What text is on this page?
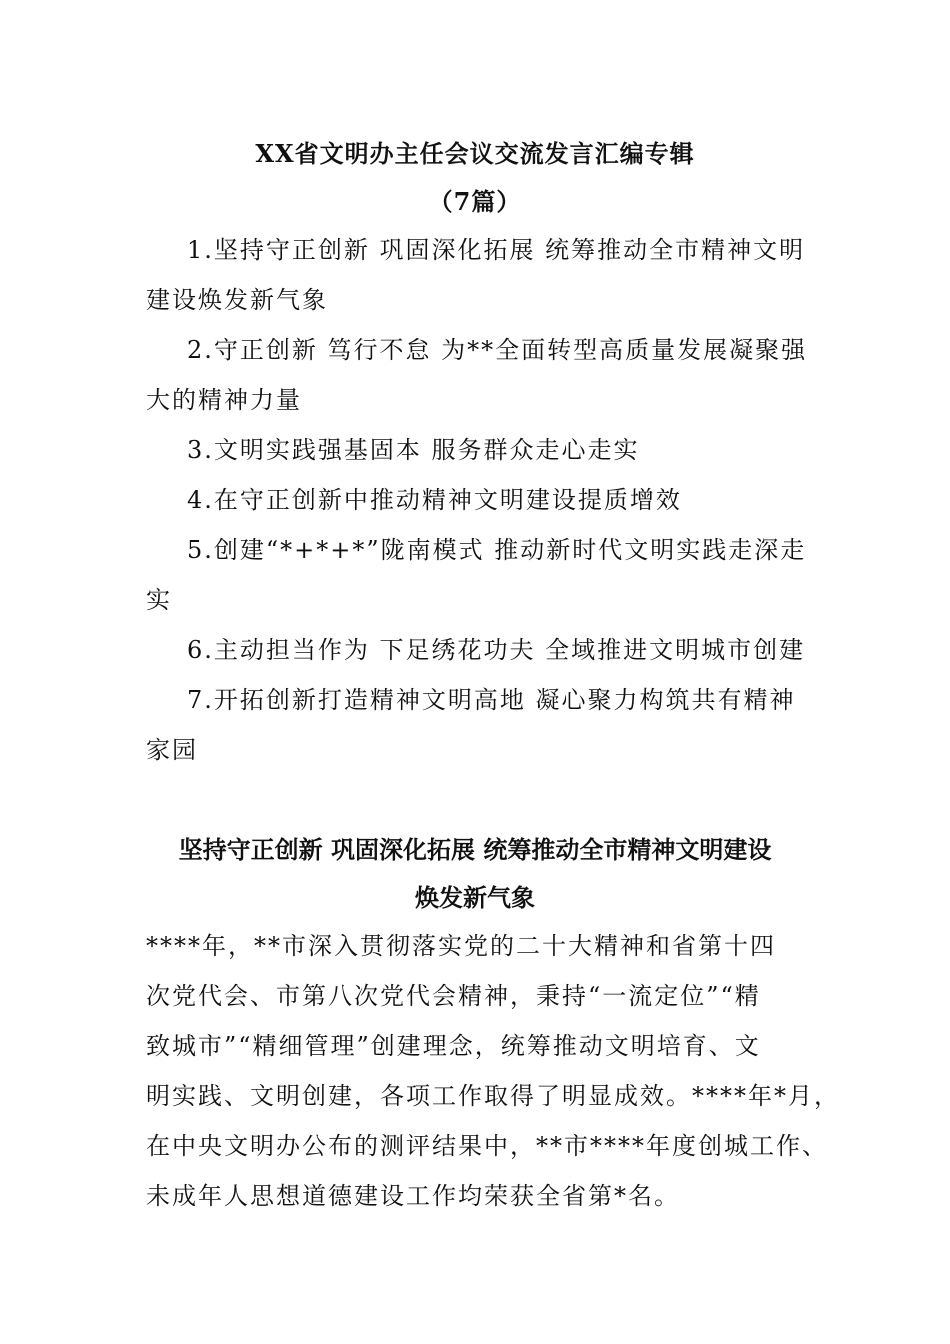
XX省文明办主任会议交流发言汇编专辑
（7篇）
1.坚持守正创新 巩固深化拓展 统筹推动全市精神文明
建设焕发新气象
2.守正创新 笃行不怠 为**全面转型高质量发展凝聚强
大的精神力量
3.文明实践强基固本 服务群众走心走实
4.在守正创新中推动精神文明建设提质增效
5.创建“*+*+*”陇南模式 推动新时代文明实践走深走
实
6.主动担当作为 下足绣花功夫 全域推进文明城市创建
7.开拓创新打造精神文明高地 凝心聚力构筑共有精神
家园
坚持守正创新 巩固深化拓展 统筹推动全市精神文明建设
焕发新气象
****年，**市深入贯彻落实党的二十大精神和省第十四
次党代会、市第八次党代会精神，秉持“一流定位”“精
致城市”“精细管理”创建理念，统筹推动文明培育、文
明实践、文明创建，各项工作取得了明显成效。****年*月，
在中央文明办公布的测评结果中，**市****年度创城工作、
未成年人思想道德建设工作均荣获全省第*名。
